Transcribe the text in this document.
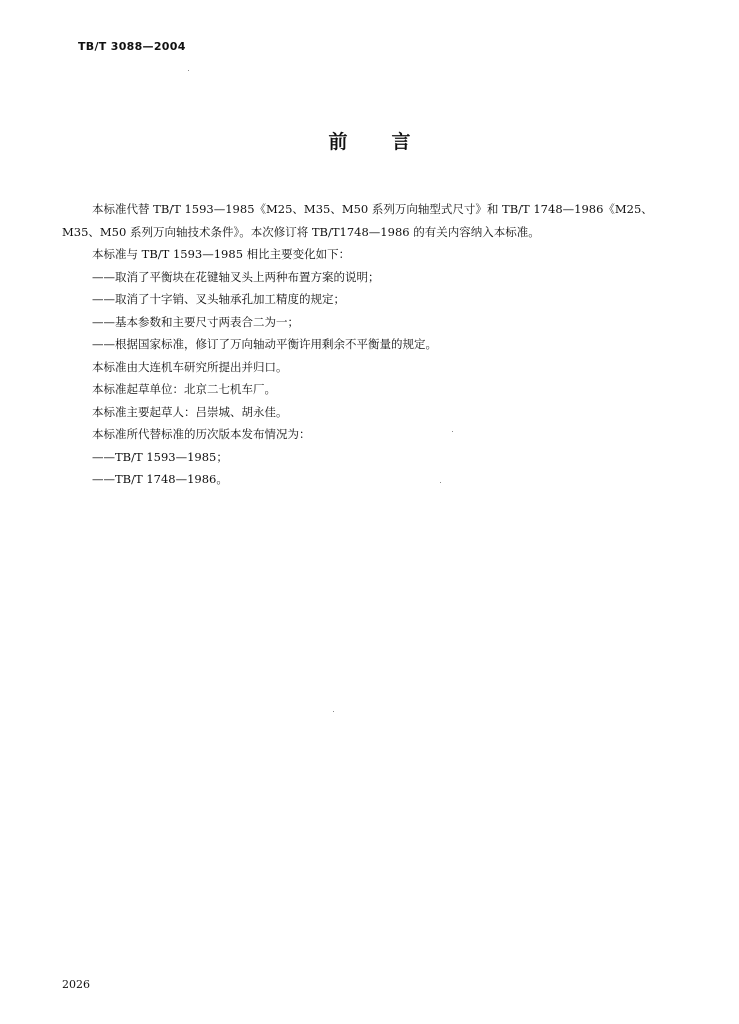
TB/T 3088—2004
前言

本标准代替 TB/T 1593—1985《M25、M35、M50 系列万向轴型式尺寸》和 TB/T 1748—1986《M25、

M35、M50 系列万向轴技术条件》。本次修订将 TB/T1748—1986 的有关内容纳入本标准。

本标准与 TB/T 1593—1985 相比主要变化如下：

——取消了平衡块在花键轴叉头上两种布置方案的说明；

——取消了十字销、叉头轴承孔加工精度的规定；

——基本参数和主要尺寸两表合二为一；

——根据国家标准，修订了万向轴动平衡许用剩余不平衡量的规定。

本标准由大连机车研究所提出并归口。

本标准起草单位：北京二七机车厂。

本标准主要起草人：吕崇城、胡永佳。

本标准所代替标准的历次版本发布情况为：

——TB/T 1593—1985；

——TB/T 1748—1986。

2026
